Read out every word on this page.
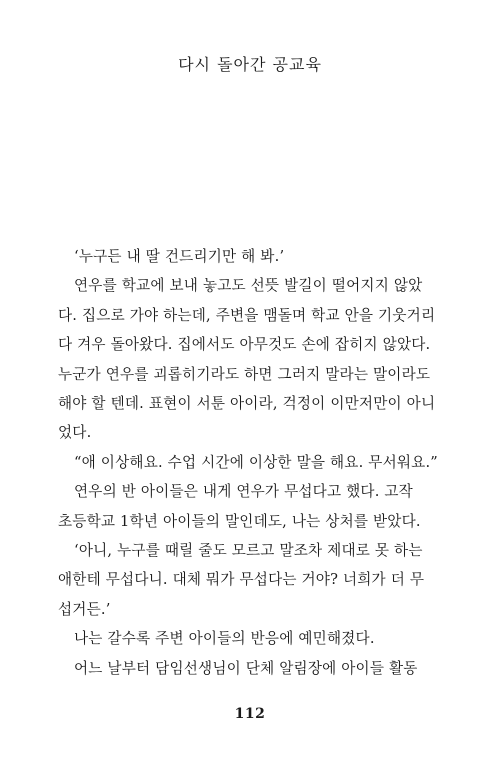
다시 돌아간 공교육
‘누구든 내 딸 건드리기만 해 봐.’
연우를 학교에 보내 놓고도 선뜻 발길이 떨어지지 않았
다. 집으로 가야 하는데, 주변을 맴돌며 학교 안을 기웃거리
다 겨우 돌아왔다. 집에서도 아무것도 손에 잡히지 않았다.
누군가 연우를 괴롭히기라도 하면 그러지 말라는 말이라도
해야 할 텐데. 표현이 서툰 아이라, 걱정이 이만저만이 아니
었다.
“애 이상해요. 수업 시간에 이상한 말을 해요. 무서워요.”
연우의 반 아이들은 내게 연우가 무섭다고 했다. 고작
초등학교 1학년 아이들의 말인데도, 나는 상처를 받았다.
‘아니, 누구를 때릴 줄도 모르고 말조차 제대로 못 하는
애한테 무섭다니. 대체 뭐가 무섭다는 거야? 너희가 더 무
섭거든.’
나는 갈수록 주변 아이들의 반응에 예민해졌다.
어느 날부터 담임선생님이 단체 알림장에 아이들 활동
112
